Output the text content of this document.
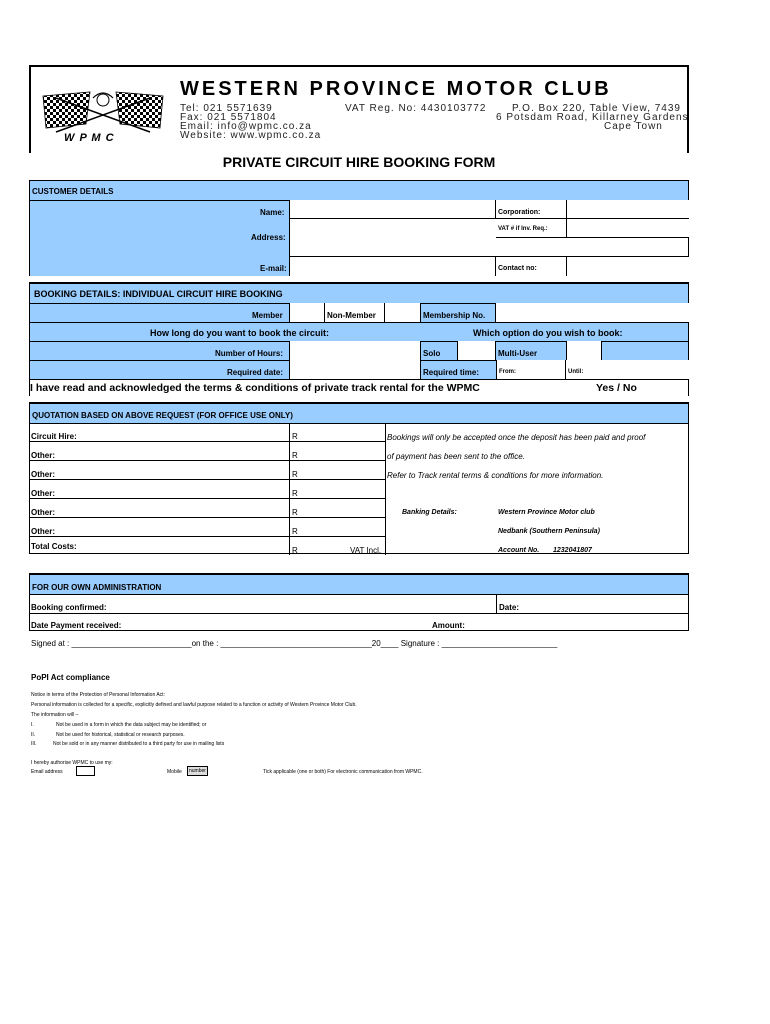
W P M C
WESTERN PROVINCE MOTOR CLUB
Tel: 021 5571639
Fax: 021 5571804
Email: info@wpmc.co.za
Website: www.wpmc.co.za
VAT Reg. No: 4430103772	P.O. Box 220, Table View, 7439
6 Potsdam Road, Killarney Gardens
Cape Town
PRIVATE CIRCUIT HIRE BOOKING FORM
CUSTOMER DETAILS
Name:	Corporation:
Address:
VAT # if Inv. Req.:
E-mail:	Contact no:
BOOKING DETAILS: INDIVIDUAL CIRCUIT HIRE BOOKING
Member	Non-Member	Membership No.
How long do you want to book the circuit:	Which option do you wish to book:
Number of Hours:	Solo	Multi-User
Required date:	Required time:	From:	Until:
I have read and acknowledged the terms & conditions of private track rental for the WPMC	Yes / No
QUOTATION BASED ON ABOVE REQUEST (FOR OFFICE USE ONLY)
Circuit Hire:	R
Other:	R
Other:	R
Other:	R
Other:	R
Other:	R
Total Costs:	R	VAT Incl.
Bookings will only be accepted once the deposit has been paid and proof
of payment has been sent to the office.
Refer to Track rental terms & conditions for more information.
Banking Details:	Western Province Motor club
Nedbank (Southern Peninsula)
Account No. 1232041807
FOR OUR OWN ADMINISTRATION
Booking confirmed:	Date:
Date Payment received:	Amount:
Signed at : ___________________________on the : __________________________________20____ Signature : __________________________
PoPI Act compliance
Notice in terms of the Protection of Personal Information Act:
Personal information is collected for a specific, explicitly defined and lawful purpose related to a function or activity of Western Province Motor Club.
The information will –
I.	Not be used in a form in which the data subject may be identified; or
II.	Not be used for historical, statistical or research purposes.
III.	Not be sold or in any manner distributed to a third party for use in mailing lists
I hereby authorise WPMC to use my:
Email address	Mobile	number	Tick applicable (one or both) For electronic communication from WPMC.
